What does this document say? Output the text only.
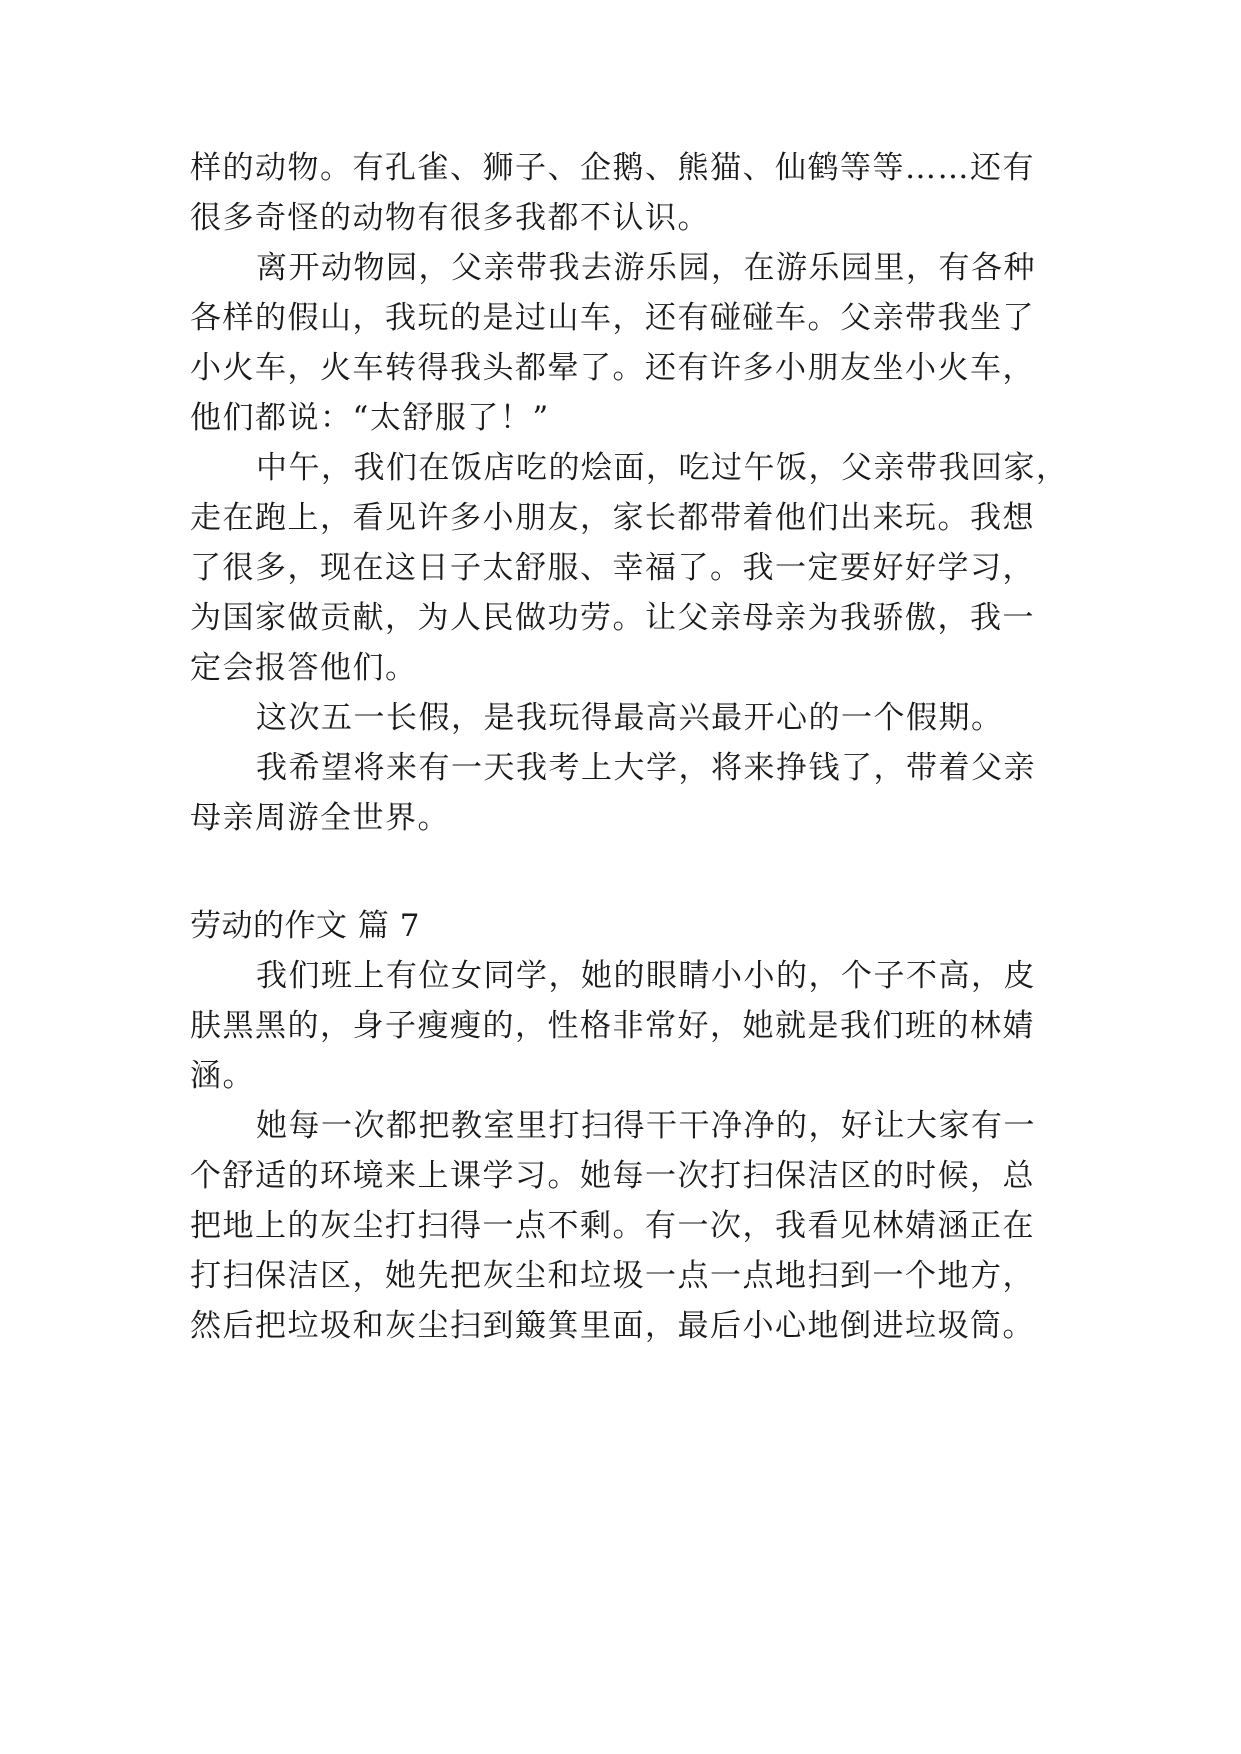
样的动物。有孔雀、狮子、企鹅、熊猫、仙鹤等等……还有
很多奇怪的动物有很多我都不认识。
离开动物园，父亲带我去游乐园，在游乐园里，有各种
各样的假山，我玩的是过山车，还有碰碰车。父亲带我坐了
小火车，火车转得我头都晕了。还有许多小朋友坐小火车，
他们都说：“太舒服了！”
中午，我们在饭店吃的烩面，吃过午饭，父亲带我回家，
走在跑上，看见许多小朋友，家长都带着他们出来玩。我想
了很多，现在这日子太舒服、幸福了。我一定要好好学习，
为国家做贡献，为人民做功劳。让父亲母亲为我骄傲，我一
定会报答他们。
这次五一长假，是我玩得最高兴最开心的一个假期。
我希望将来有一天我考上大学，将来挣钱了，带着父亲
母亲周游全世界。
劳动的作文 篇 7
我们班上有位女同学，她的眼睛小小的，个子不高，皮
肤黑黑的，身子瘦瘦的，性格非常好，她就是我们班的林婧
涵。
她每一次都把教室里打扫得干干净净的，好让大家有一
个舒适的环境来上课学习。她每一次打扫保洁区的时候，总
把地上的灰尘打扫得一点不剩。有一次，我看见林婧涵正在
打扫保洁区，她先把灰尘和垃圾一点一点地扫到一个地方，
然后把垃圾和灰尘扫到簸箕里面，最后小心地倒进垃圾筒。
